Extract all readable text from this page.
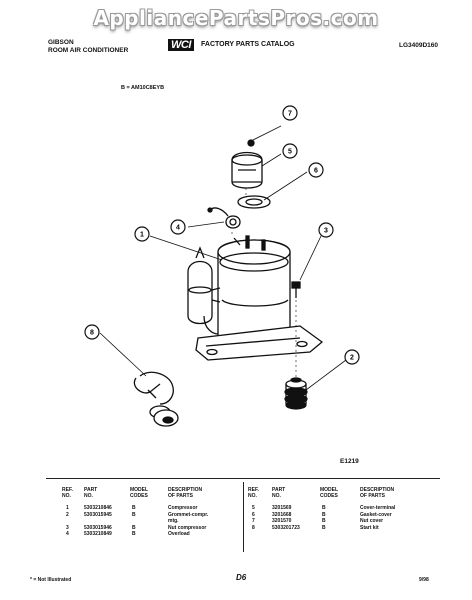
AppliancePartsPros.com
GIBSON
ROOM AIR CONDITIONER	WCI	FACTORY PARTS CATALOG	LG3409D160
B = AM10C8EYB
1
2
3
4
5
6
7
8
E1219
REF.
NO.
PART
NO.
MODEL
CODES
DESCRIPTION
OF PARTS
1	5303210846	B	Compressor
2	5303015945	B	Grommet-compr.
mtg.
3	5303015946	B	Nut compressor
4	5303210849	B	Overload
REF.
NO.
PART
NO.
MODEL
CODES
DESCRIPTION
OF PARTS
5	3201569	B	Cover-terminal
6	3201668	B	Gasket-cover
7	3201570	B	Nut cover
8	5303201723	B	Start kit
* = Not Illustrated	D6	9/98
